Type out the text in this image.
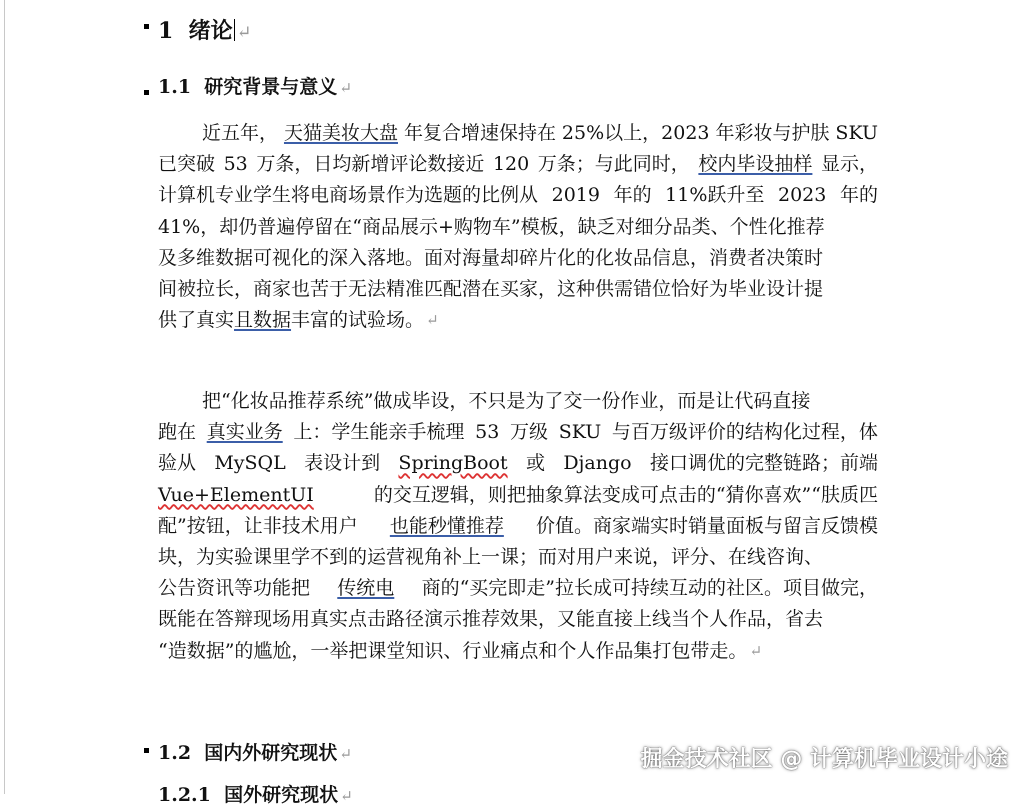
1 绪论 ↵
1.1 研究背景与意义 ↵
近五年， 天猫美妆大盘 年复合增速保持在 25%以上，2023 年彩妆与护肤 SKU
已突破 53 万条，日均新增评论数接近 120 万条；与此同时， 校内毕设抽样 显示，
计算机专业学生将电商场景作为选题的比例从 2019 年的 11%跃升至 2023 年的
41%，却仍普遍停留在“商品展示+购物车”模板，缺乏对细分品类、个性化推荐
及多维数据可视化的深入落地。面对海量却碎片化的化妆品信息，消费者决策时
间被拉长，商家也苦于无法精准匹配潜在买家，这种供需错位恰好为毕业设计提
供了真实 且数据 丰富的试验场。 ↵
把“化妆品推荐系统”做成毕设，不只是为了交一份作业，而是让代码直接
跑在 真实业务 上：学生能亲手梳理 53 万级 SKU 与百万级评价的结构化过程，体
验从 MySQL 表设计到 SpringBoot 或 Django 接口调优的完整链路；前端
Vue+ElementUI	的交互逻辑，则把抽象算法变成可点击的“猜你喜欢”“肤质匹
配”按钮，让非技术用户 也能秒懂推荐 价值。商家端实时销量面板与留言反馈模
块，为实验课里学不到的运营视角补上一课；而对用户来说，评分、在线咨询、
公告资讯等功能把 传统电 商的“买完即走”拉长成可持续互动的社区。项目做完，
既能在答辩现场用真实点击路径演示推荐效果，又能直接上线当个人作品，省去
“造数据”的尴尬，一举把课堂知识、行业痛点和个人作品集打包带走。 ↵
1.2 国内外研究现状 ↵
1.2.1 国外研究现状 ↵
掘金技术社区 @ 计算机毕业设计小途
